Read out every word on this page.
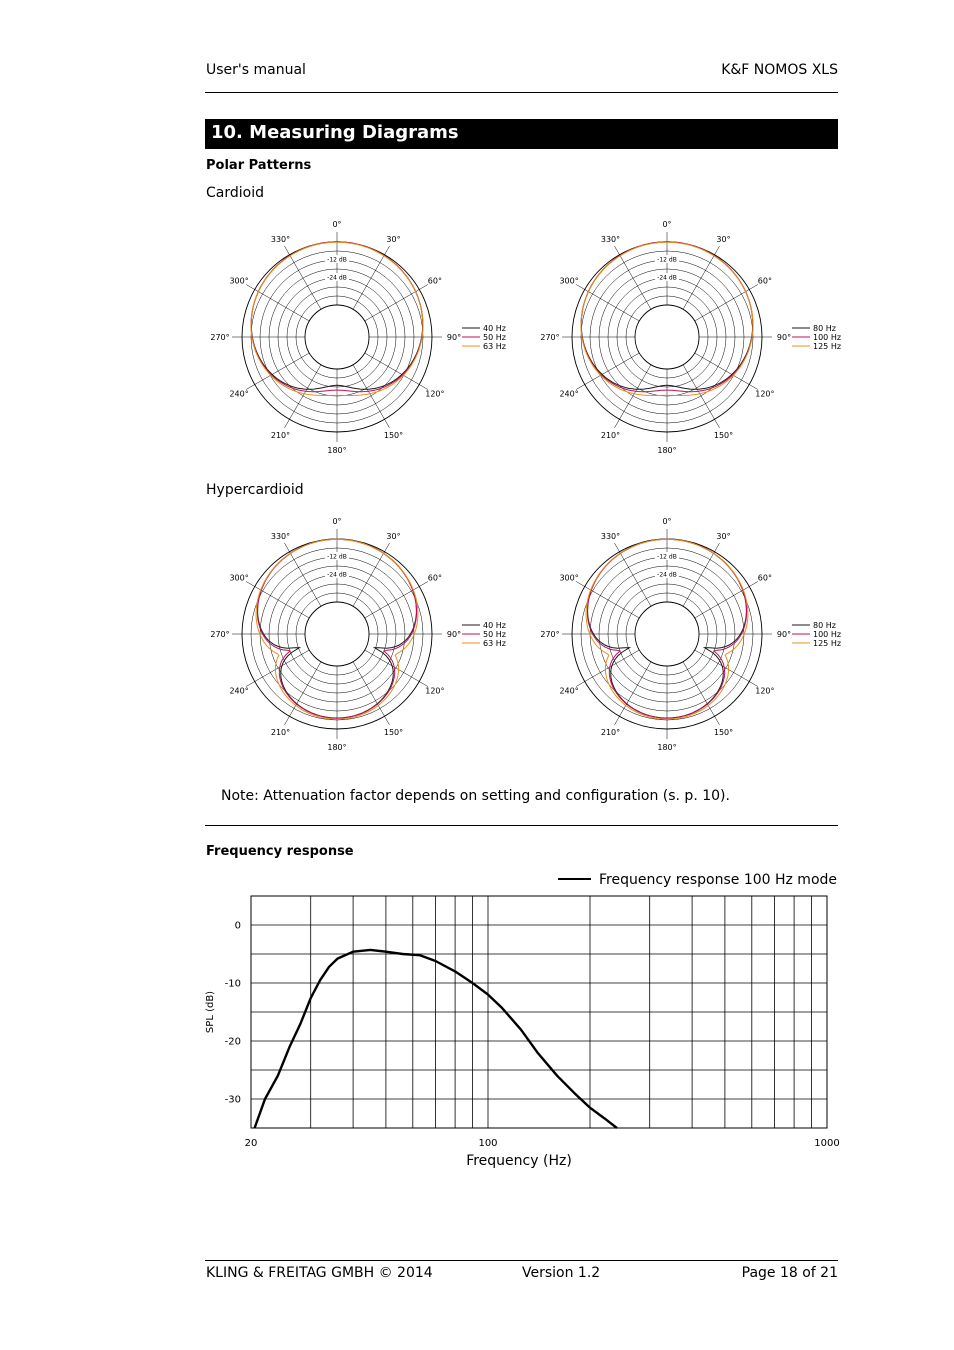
User's manual	K&F NOMOS XLS
10. Measuring Diagrams
Polar Patterns
Cardioid
Hypercardioid
0°
30°
60°
90°
120°
150°
180°
210°
240°
270°
300°
330°
-12 dB
-24 dB
40 Hz
50 Hz
63 Hz
0°
30°
60°
90°
120°
150°
180°
210°
240°
270°
300°
330°
-12 dB
-24 dB
80 Hz
100 Hz
125 Hz
0°
30°
60°
90°
120°
150°
180°
210°
240°
270°
300°
330°
-12 dB
-24 dB
40 Hz
50 Hz
63 Hz
0°
30°
60°
90°
120°
150°
180°
210°
240°
270°
300°
330°
-12 dB
-24 dB
80 Hz
100 Hz
125 Hz
Note: Attenuation factor depends on setting and configuration (s. p. 10).
Frequency response
Frequency response 100 Hz mode
0
-10
-20
-30
20	100	1000
SPL (dB)
Frequency (Hz)
KLING & FREITAG GMBH © 2014	Version 1.2	Page 18 of 21
